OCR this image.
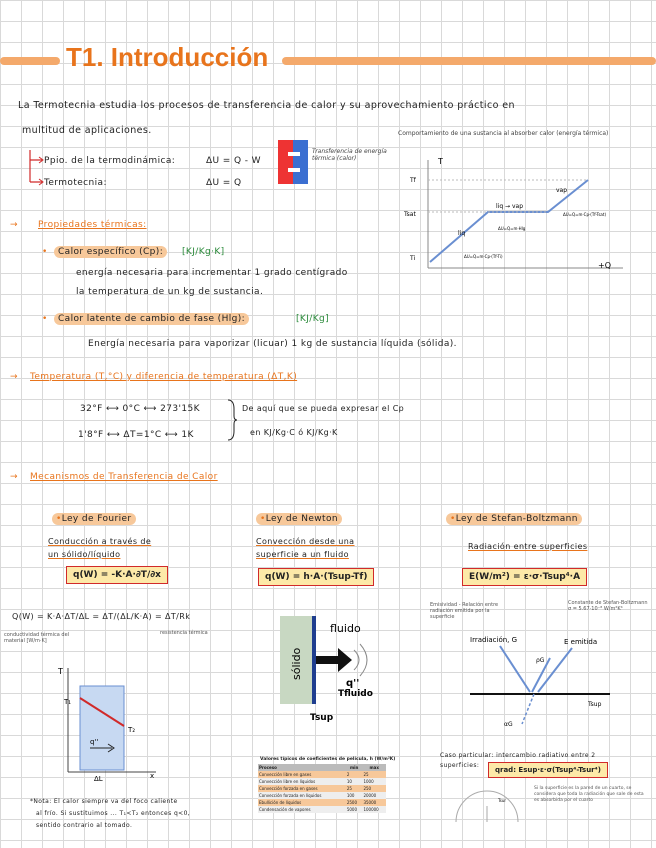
T1. Introducción
La Termotecnia estudia los procesos de transferencia de calor y su aprovechamiento práctico en
multitud de aplicaciones.
Ppio. de la termodinámica:	ΔU = Q - W
Termotecnia:	ΔU = Q
Transferencia de energía térmica (calor)
Comportamiento de una sustancia al absorber calor (energía térmica)
T
+Q
Tf
Tsat
Ti
liq
vap
liq → vap
ΔU=Q=m·Cp·(Tf-Ti)
ΔU=Q=m·Hlg
ΔU=Q=m·Cp·(Tf-Tsat)
→ Propiedades térmicas:
•	Calor específico (Cp):	[KJ/Kg·K]
energía necesaria para incrementar 1 grado centígrado
la temperatura de un kg de sustancia.
•	Calor latente de cambio de fase (Hlg):	[KJ/Kg]
Energía necesaria para vaporizar (licuar) 1 kg de sustancia líquida (sólida).
→ Temperatura (T,°C) y diferencia de temperatura (ΔT,K)
32°F ⟷ 0°C ⟷ 273'15K
1'8°F ⟷ ΔT=1°C ⟷ 1K
De aquí que se pueda expresar el Cp
en KJ/Kg·C ó KJ/Kg·K
→ Mecanismos de Transferencia de Calor
•Ley de Fourier
Conducción a través de
un sólido/líquido
q(W) = -K·A·∂T/∂x
Q(W) = K·A·ΔT/ΔL = ΔT/(ΔL/K·A) = ΔT/Rk
conductividad térmica del material [W/m·K]
resistencia térmica
T
T₁
T₂
q''
ΔL	x
*Nota: El calor siempre va del foco caliente
al frío. Si sustituimos ... T₁<T₂ entonces q<0,
sentido contrario al tomado.
•Ley de Newton
Convección desde una
superficie a un fluido
q(W) = h·A·(Tsup-Tf)
sólido
fluido
q''
Tfluido
Tsup
Valores típicos de coeficientes de película, h (W/m²K)
Proceso	min	max
Convección libre en gases	2	25
Convección libre en líquidos	10	1000
Convección forzada en gases	25	250
Convección forzada en líquidos	100	20000
Ebullición de líquidos	2500	35000
Condensación de vapores	5000	100000
•Ley de Stefan-Boltzmann
Radiación entre superficies
E(W/m²) = ε·σ·Tsup⁴·A
Emisividad - Relación entre radiación emitida por la superficie
Constante de Stefan-Boltzmann σ = 5.67·10⁻⁸ W/m²K⁴
Irradiación, G
ρG
E emitida
αG
Tsup
Caso particular: intercambio radiativo entre 2
superficies:
qrad: Esup·ε·σ(Tsup⁴-Tsur⁴)
Tsur
Si la superficie es la pared de un cuarto, se considera que toda la radiación que sale de esta es absorbida por el cuarto
